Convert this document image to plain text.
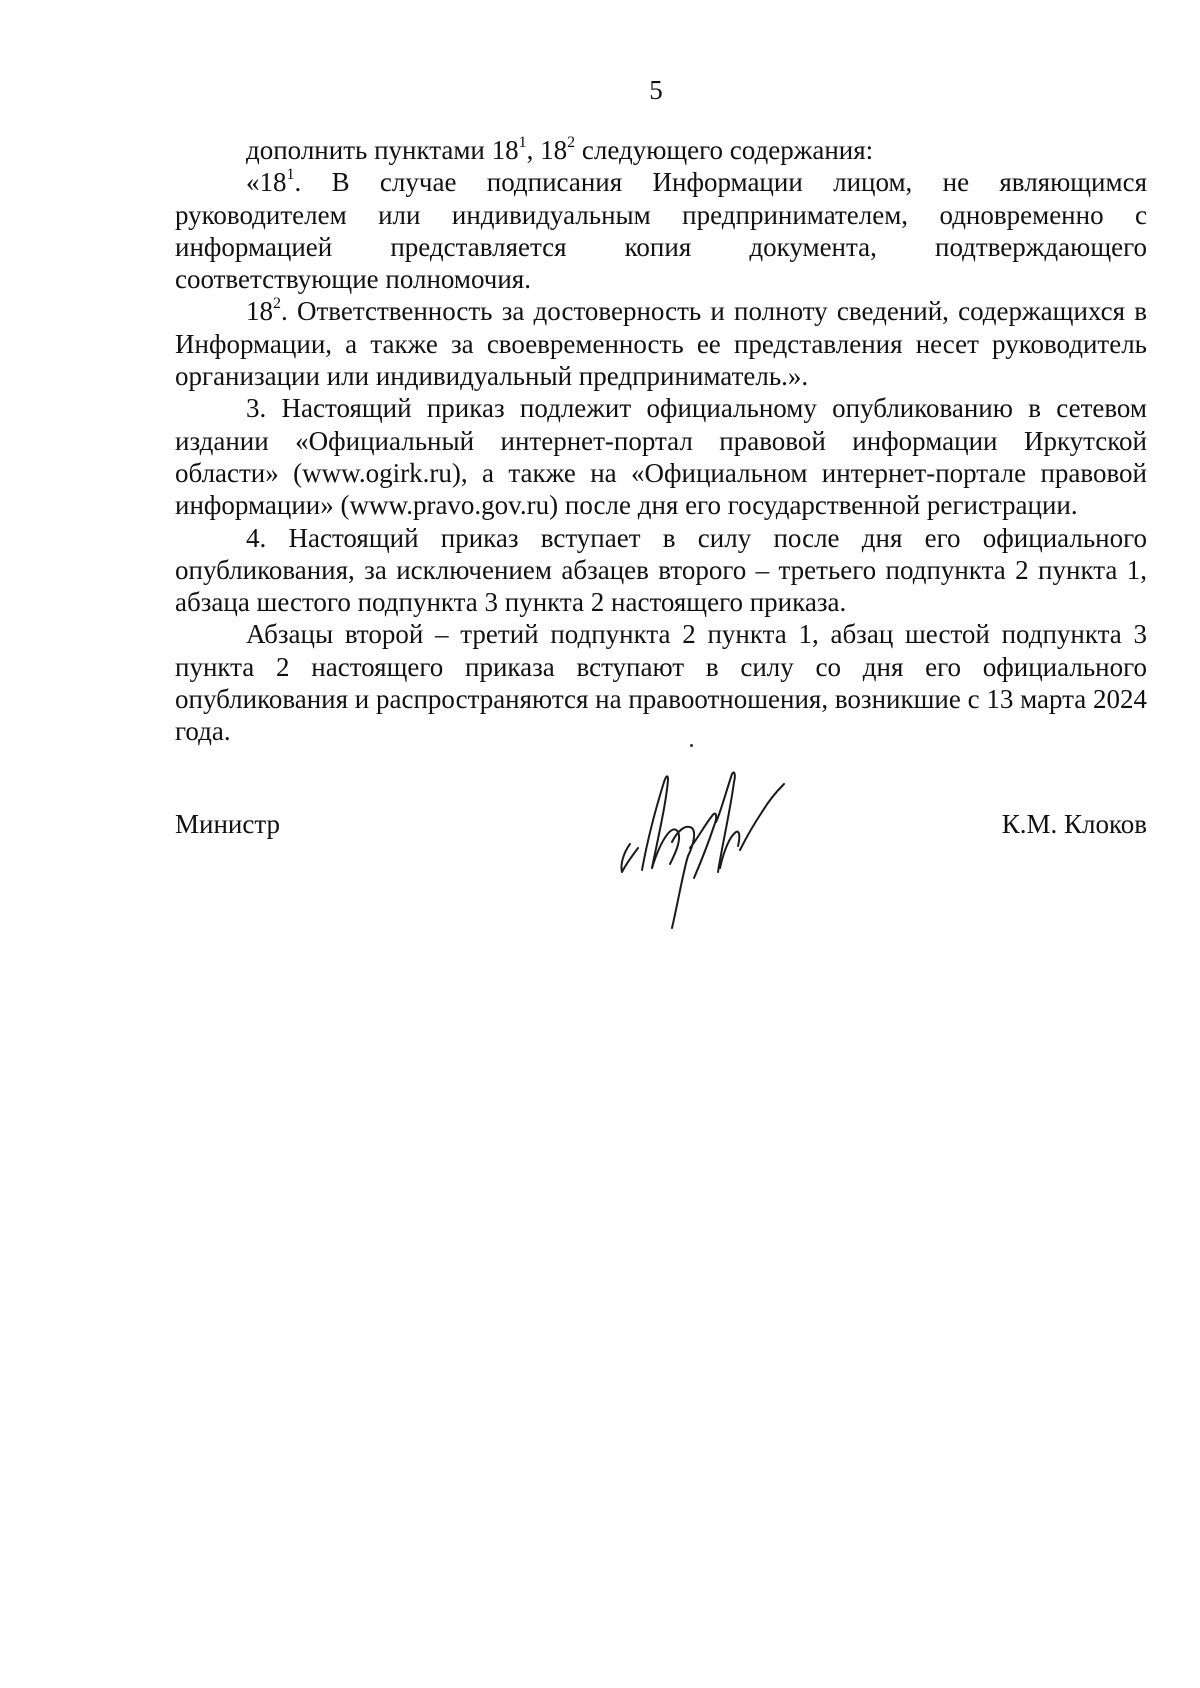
5

дополнить пунктами $18^1$, $18^2$ следующего содержания:

«$18^1$. В случае подписания Информации лицом, не являющимся руководителем или индивидуальным предпринимателем, одновременно с информацией представляется копия документа, подтверждающего соответствующие полномочия.

$18^2$. Ответственность за достоверность и полноту сведений, содержащихся в Информации, а также за своевременность ее представления несет руководитель организации или индивидуальный предприниматель.».

3. Настоящий приказ подлежит официальному опубликованию в сетевом издании «Официальный интернет-портал правовой информации Иркутской области» (www.ogirk.ru), а также на «Официальном интернет-портале правовой информации» (www.pravo.gov.ru) после дня его государственной регистрации.

4. Настоящий приказ вступает в силу после дня его официального опубликования, за исключением абзацев второго – третьего подпункта 2 пункта 1, абзаца шестого подпункта 3 пункта 2 настоящего приказа.

Абзацы второй – третий подпункта 2 пункта 1, абзац шестой подпункта 3 пункта 2 настоящего приказа вступают в силу со дня его официального опубликования и распространяются на правоотношения, возникшие с 13 марта 2024 года.

Министр	К.М. Клоков
